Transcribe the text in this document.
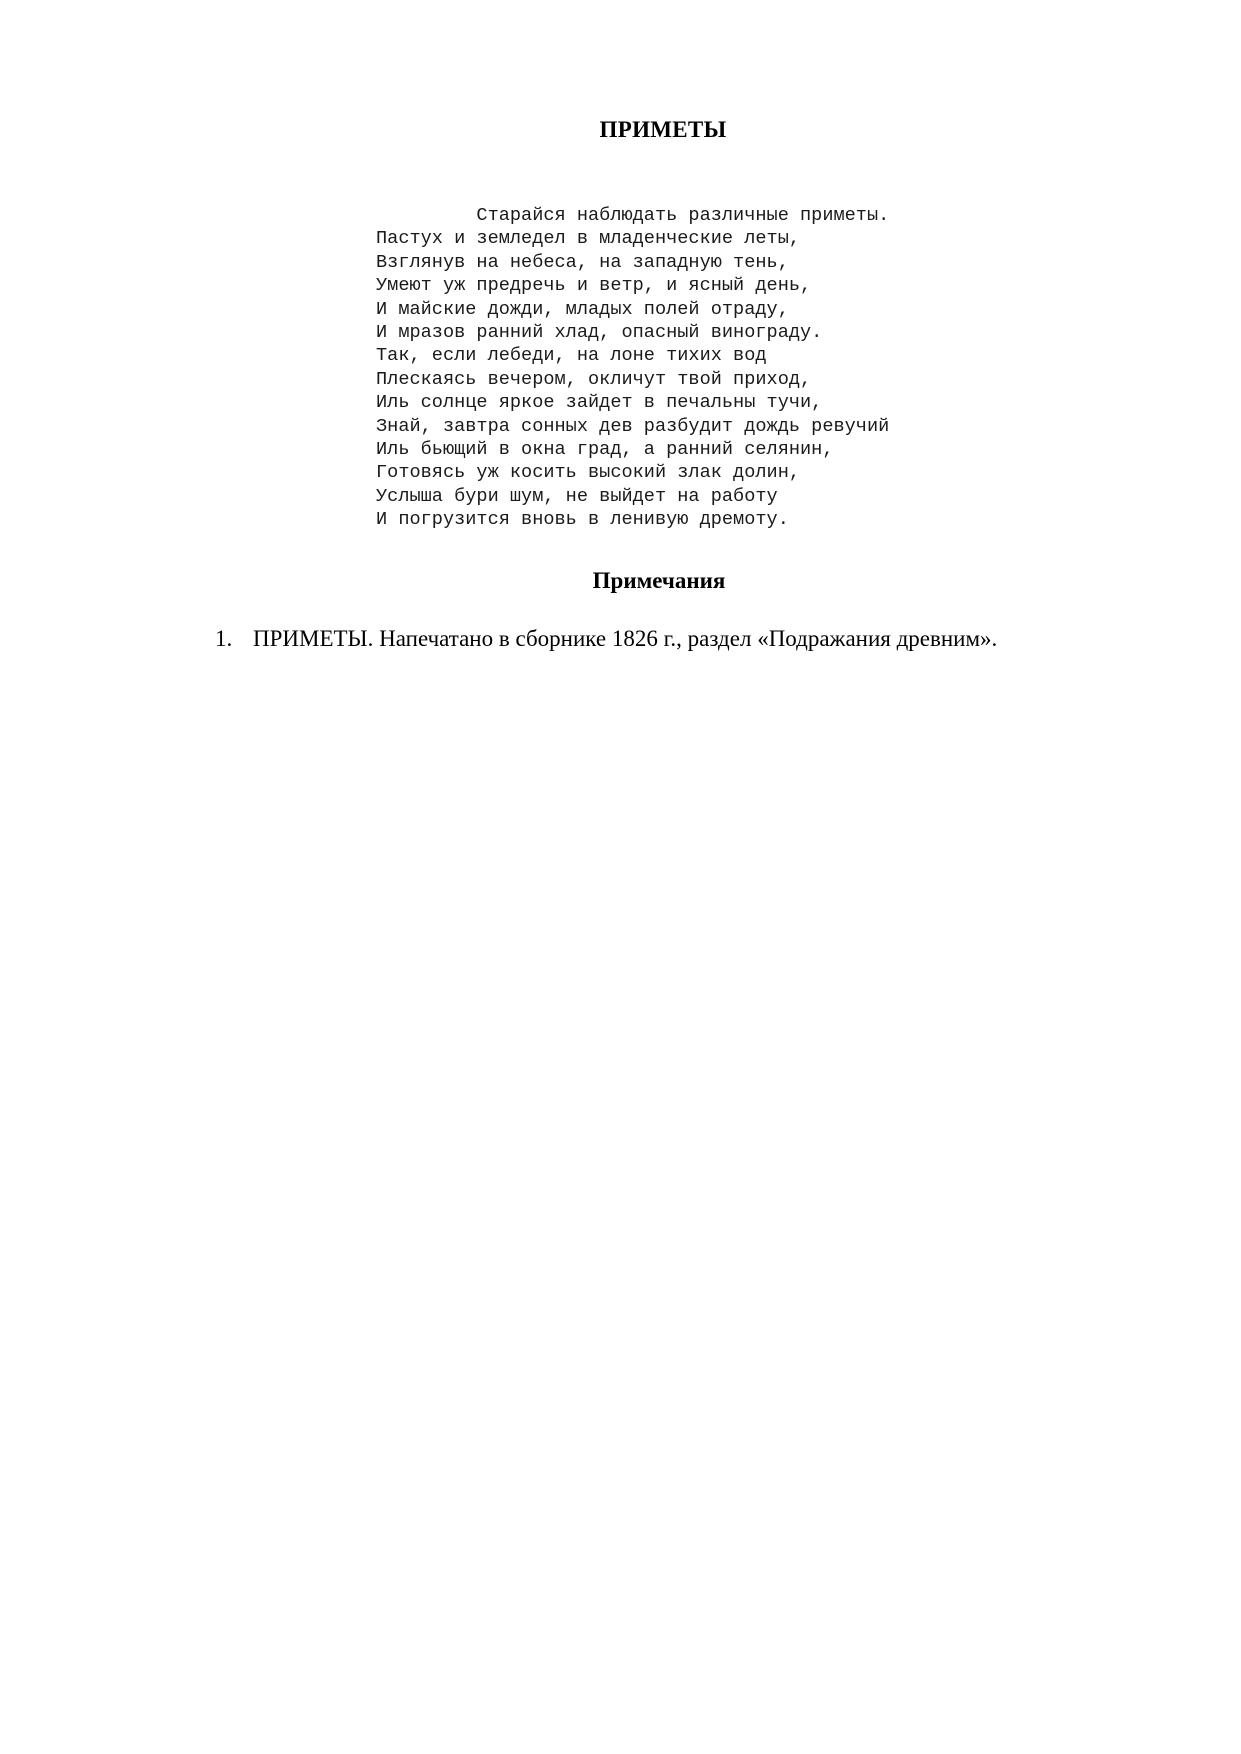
ПРИМЕТЫ
Старайся наблюдать различные приметы.
Пастух и земледел в младенческие леты,
Взглянув на небеса, на западную тень,
Умеют уж предречь и ветр, и ясный день,
И майские дожди, младых полей отраду,
И мразов ранний хлад, опасный винограду.
Так, если лебеди, на лоне тихих вод
Плескаясь вечером, окличут твой приход,
Иль солнце яркое зайдет в печальны тучи,
Знай, завтра сонных дев разбудит дождь ревучий
Иль бьющий в окна град, а ранний селянин,
Готовясь уж косить высокий злак долин,
Услыша бури шум, не выйдет на работу
И погрузится вновь в ленивую дремоту.
Примечания
1. ПРИМЕТЫ. Напечатано в сборнике 1826 г., раздел «Подражания древним».
